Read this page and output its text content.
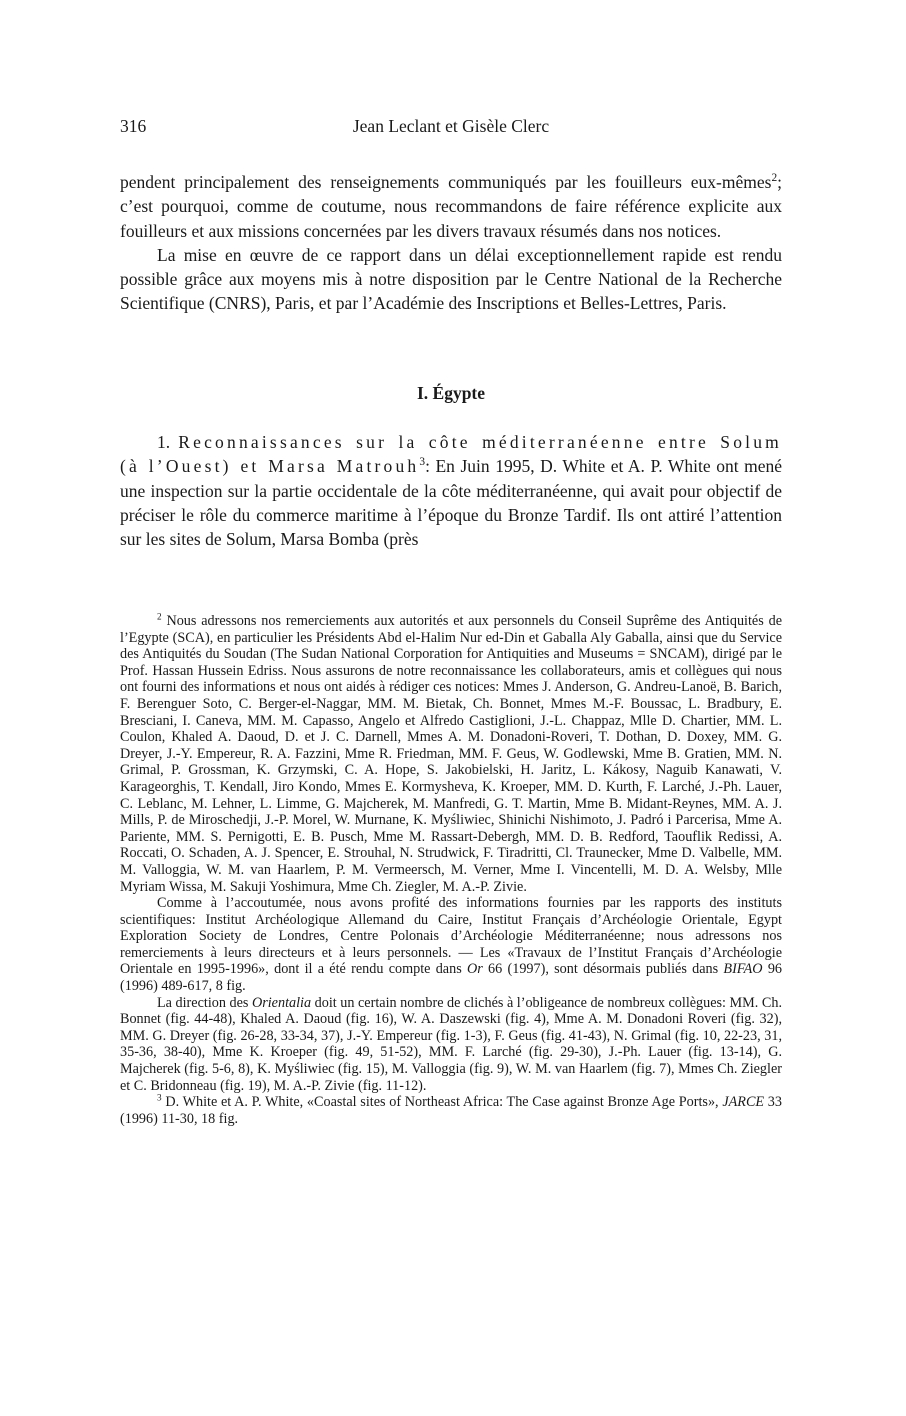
316	Jean Leclant et Gisèle Clerc

pendent principalement des renseignements communiqués par les fouilleurs eux-mêmes$^2$; c’est pourquoi, comme de coutume, nous recommandons de faire référence explicite aux fouilleurs et aux missions concernées par les divers travaux résumés dans nos notices.

La mise en œuvre de ce rapport dans un délai exceptionnellement rapide est rendu possible grâce aux moyens mis à notre disposition par le Centre National de la Recherche Scientifique (CNRS), Paris, et par l’Académie des Inscriptions et Belles-Lettres, Paris.

I. Égypte

1. Reconnaissances sur la côte méditerranéenne entre Solum (à l’Ouest) et Marsa Matrouh$^3$: En Juin 1995, D. White et A. P. White ont mené une inspection sur la partie occidentale de la côte méditerranéenne, qui avait pour objectif de préciser le rôle du commerce maritime à l’époque du Bronze Tardif. Ils ont attiré l’attention sur les sites de Solum, Marsa Bomba (près

$^2$ Nous adressons nos remerciements aux autorités et aux personnels du Conseil Suprême des Antiquités de l’Egypte (SCA), en particulier les Présidents Abd el-Halim Nur ed-Din et Gaballa Aly Gaballa, ainsi que du Service des Antiquités du Soudan (The Sudan National Corporation for Antiquities and Museums = SNCAM), dirigé par le Prof. Hassan Hussein Edriss. Nous assurons de notre reconnaissance les collaborateurs, amis et collègues qui nous ont fourni des informations et nous ont aidés à rédiger ces notices: Mmes J. Anderson, G. Andreu-Lanoë, B. Barich, F. Berenguer Soto, C. Berger-el-Naggar, MM. M. Bietak, Ch. Bonnet, Mmes M.-F. Boussac, L. Bradbury, E. Bresciani, I. Caneva, MM. M. Capasso, Angelo et Alfredo Castiglioni, J.-L. Chappaz, Mlle D. Chartier, MM. L. Coulon, Khaled A. Daoud, D. et J. C. Darnell, Mmes A. M. Donadoni-Roveri, T. Dothan, D. Doxey, MM. G. Dreyer, J.-Y. Empereur, R. A. Fazzini, Mme R. Friedman, MM. F. Geus, W. Godlewski, Mme B. Gratien, MM. N. Grimal, P. Grossman, K. Grzymski, C. A. Hope, S. Jakobielski, H. Jaritz, L. Kákosy, Naguib Kanawati, V. Karageorghis, T. Kendall, Jiro Kondo, Mmes E. Kormysheva, K. Kroeper, MM. D. Kurth, F. Larché, J.-Ph. Lauer, C. Leblanc, M. Lehner, L. Limme, G. Majcherek, M. Manfredi, G. T. Martin, Mme B. Midant-Reynes, MM. A. J. Mills, P. de Miroschedji, J.-P. Morel, W. Murnane, K. Myśliwiec, Shinichi Nishimoto, J. Padró i Parcerisa, Mme A. Pariente, MM. S. Pernigotti, E. B. Pusch, Mme M. Rassart-Debergh, MM. D. B. Redford, Taouflik Redissi, A. Roccati, O. Schaden, A. J. Spencer, E. Strouhal, N. Strudwick, F. Tiradritti, Cl. Traunecker, Mme D. Valbelle, MM. M. Valloggia, W. M. van Haarlem, P. M. Vermeersch, M. Verner, Mme I. Vincentelli, M. D. A. Welsby, Mlle Myriam Wissa, M. Sakuji Yoshimura, Mme Ch. Ziegler, M. A.-P. Zivie.

Comme à l’accoutumée, nous avons profité des informations fournies par les rapports des instituts scientifiques: Institut Archéologique Allemand du Caire, Institut Français d’Archéologie Orientale, Egypt Exploration Society de Londres, Centre Polonais d’Archéologie Méditerranéenne; nous adressons nos remerciements à leurs directeurs et à leurs personnels. — Les «Travaux de l’Institut Français d’Archéologie Orientale en 1995-1996», dont il a été rendu compte dans Or 66 (1997), sont désormais publiés dans BIFAO 96 (1996) 489-617, 8 fig.

La direction des Orientalia doit un certain nombre de clichés à l’obligeance de nombreux collègues: MM. Ch. Bonnet (fig. 44-48), Khaled A. Daoud (fig. 16), W. A. Daszewski (fig. 4), Mme A. M. Donadoni Roveri (fig. 32), MM. G. Dreyer (fig. 26-28, 33-34, 37), J.-Y. Empereur (fig. 1-3), F. Geus (fig. 41-43), N. Grimal (fig. 10, 22-23, 31, 35-36, 38-40), Mme K. Kroeper (fig. 49, 51-52), MM. F. Larché (fig. 29-30), J.-Ph. Lauer (fig. 13-14), G. Majcherek (fig. 5-6, 8), K. Myśliwiec (fig. 15), M. Valloggia (fig. 9), W. M. van Haarlem (fig. 7), Mmes Ch. Ziegler et C. Bridonneau (fig. 19), M. A.-P. Zivie (fig. 11-12).

$^3$ D. White et A. P. White, «Coastal sites of Northeast Africa: The Case against Bronze Age Ports», JARCE 33 (1996) 11-30, 18 fig.
